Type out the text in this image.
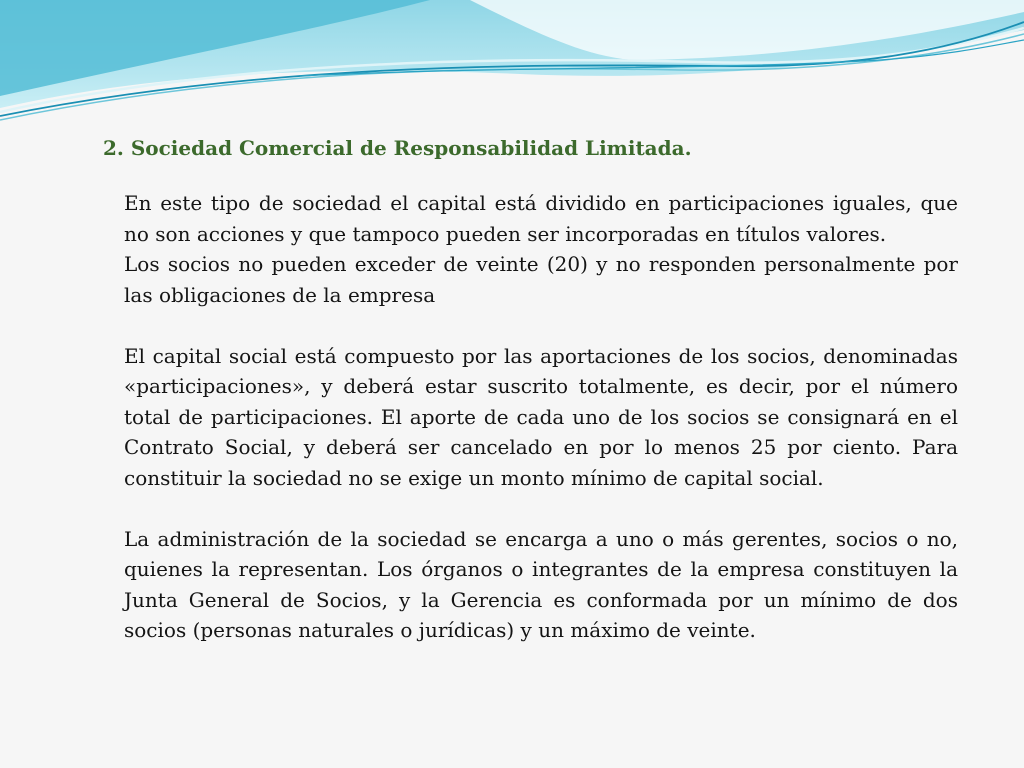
2. Sociedad Comercial de Responsabilidad Limitada.

En este tipo de sociedad el capital está dividido en participaciones iguales, que no son acciones y que tampoco pueden ser incorporadas en títulos valores.

Los socios no pueden exceder de veinte (20) y no responden personalmente por las obligaciones de la empresa

El capital social está compuesto por las aportaciones de los socios, denominadas «participaciones», y deberá estar suscrito totalmente, es decir, por el número total de participaciones. El aporte de cada uno de los socios se consignará en el Contrato Social, y deberá ser cancelado en por lo menos 25 por ciento. Para constituir la sociedad no se exige un monto mínimo de capital social.

La administración de la sociedad se encarga a uno o más gerentes, socios o no, quienes la representan. Los órganos o integrantes de la empresa constituyen la Junta General de Socios, y la Gerencia es conformada por un mínimo de dos socios (personas naturales o jurídicas) y un máximo de veinte.
